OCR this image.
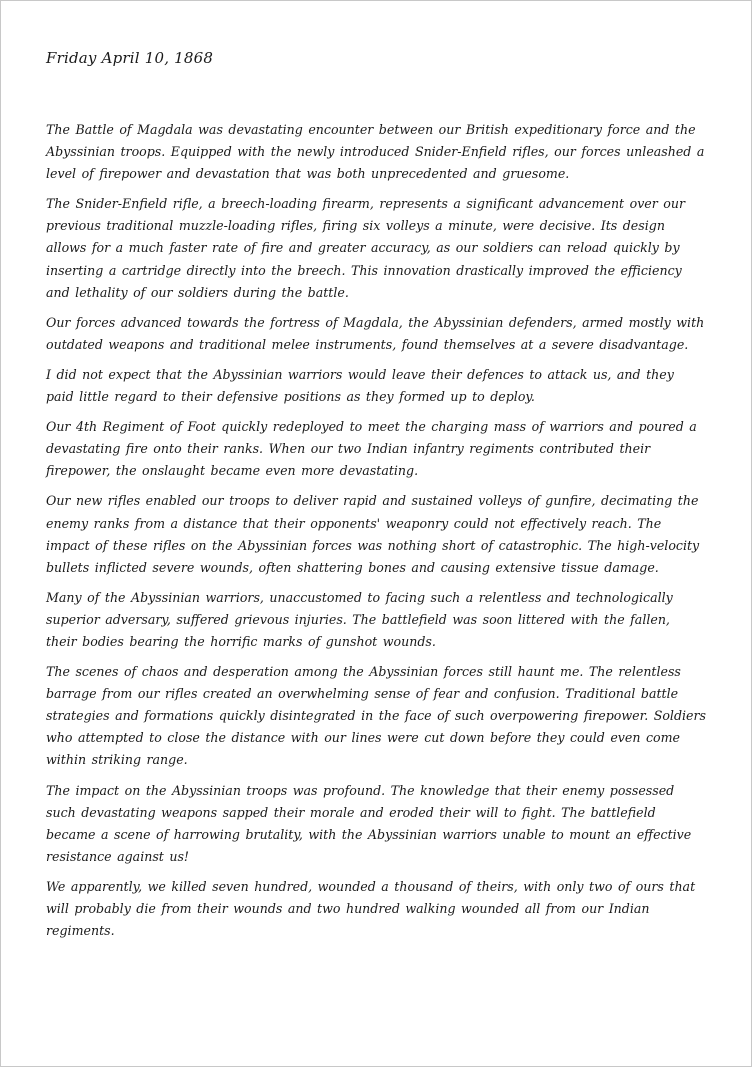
Friday April 10, 1868

The Battle of Magdala was devastating encounter between our British expeditionary force and the Abyssinian troops. Equipped with the newly introduced Snider-Enfield rifles, our forces unleashed a level of firepower and devastation that was both unprecedented and gruesome.

The Snider-Enfield rifle, a breech-loading firearm, represents a significant advancement over our previous traditional muzzle-loading rifles, firing six volleys a minute, were decisive. Its design allows for a much faster rate of fire and greater accuracy, as our soldiers can reload quickly by inserting a cartridge directly into the breech. This innovation drastically improved the efficiency and lethality of our soldiers during the battle.

Our forces advanced towards the fortress of Magdala, the Abyssinian defenders, armed mostly with outdated weapons and traditional melee instruments, found themselves at a severe disadvantage.

I did not expect that the Abyssinian warriors would leave their defences to attack us, and they paid little regard to their defensive positions as they formed up to deploy.

Our 4th Regiment of Foot quickly redeployed to meet the charging mass of warriors and poured a devastating fire onto their ranks. When our two Indian infantry regiments contributed their firepower, the onslaught became even more devastating.

Our new rifles enabled our troops to deliver rapid and sustained volleys of gunfire, decimating the enemy ranks from a distance that their opponents' weaponry could not effectively reach. The impact of these rifles on the Abyssinian forces was nothing short of catastrophic. The high-velocity bullets inflicted severe wounds, often shattering bones and causing extensive tissue damage.

Many of the Abyssinian warriors, unaccustomed to facing such a relentless and technologically superior adversary, suffered grievous injuries. The battlefield was soon littered with the fallen, their bodies bearing the horrific marks of gunshot wounds.

The scenes of chaos and desperation among the Abyssinian forces still haunt me. The relentless barrage from our rifles created an overwhelming sense of fear and confusion. Traditional battle strategies and formations quickly disintegrated in the face of such overpowering firepower. Soldiers who attempted to close the distance with our lines were cut down before they could even come within striking range.

The impact on the Abyssinian troops was profound. The knowledge that their enemy possessed such devastating weapons sapped their morale and eroded their will to fight. The battlefield became a scene of harrowing brutality, with the Abyssinian warriors unable to mount an effective resistance against us!

We apparently, we killed seven hundred, wounded a thousand of theirs, with only two of ours that will probably die from their wounds and two hundred walking wounded all from our Indian regiments.
